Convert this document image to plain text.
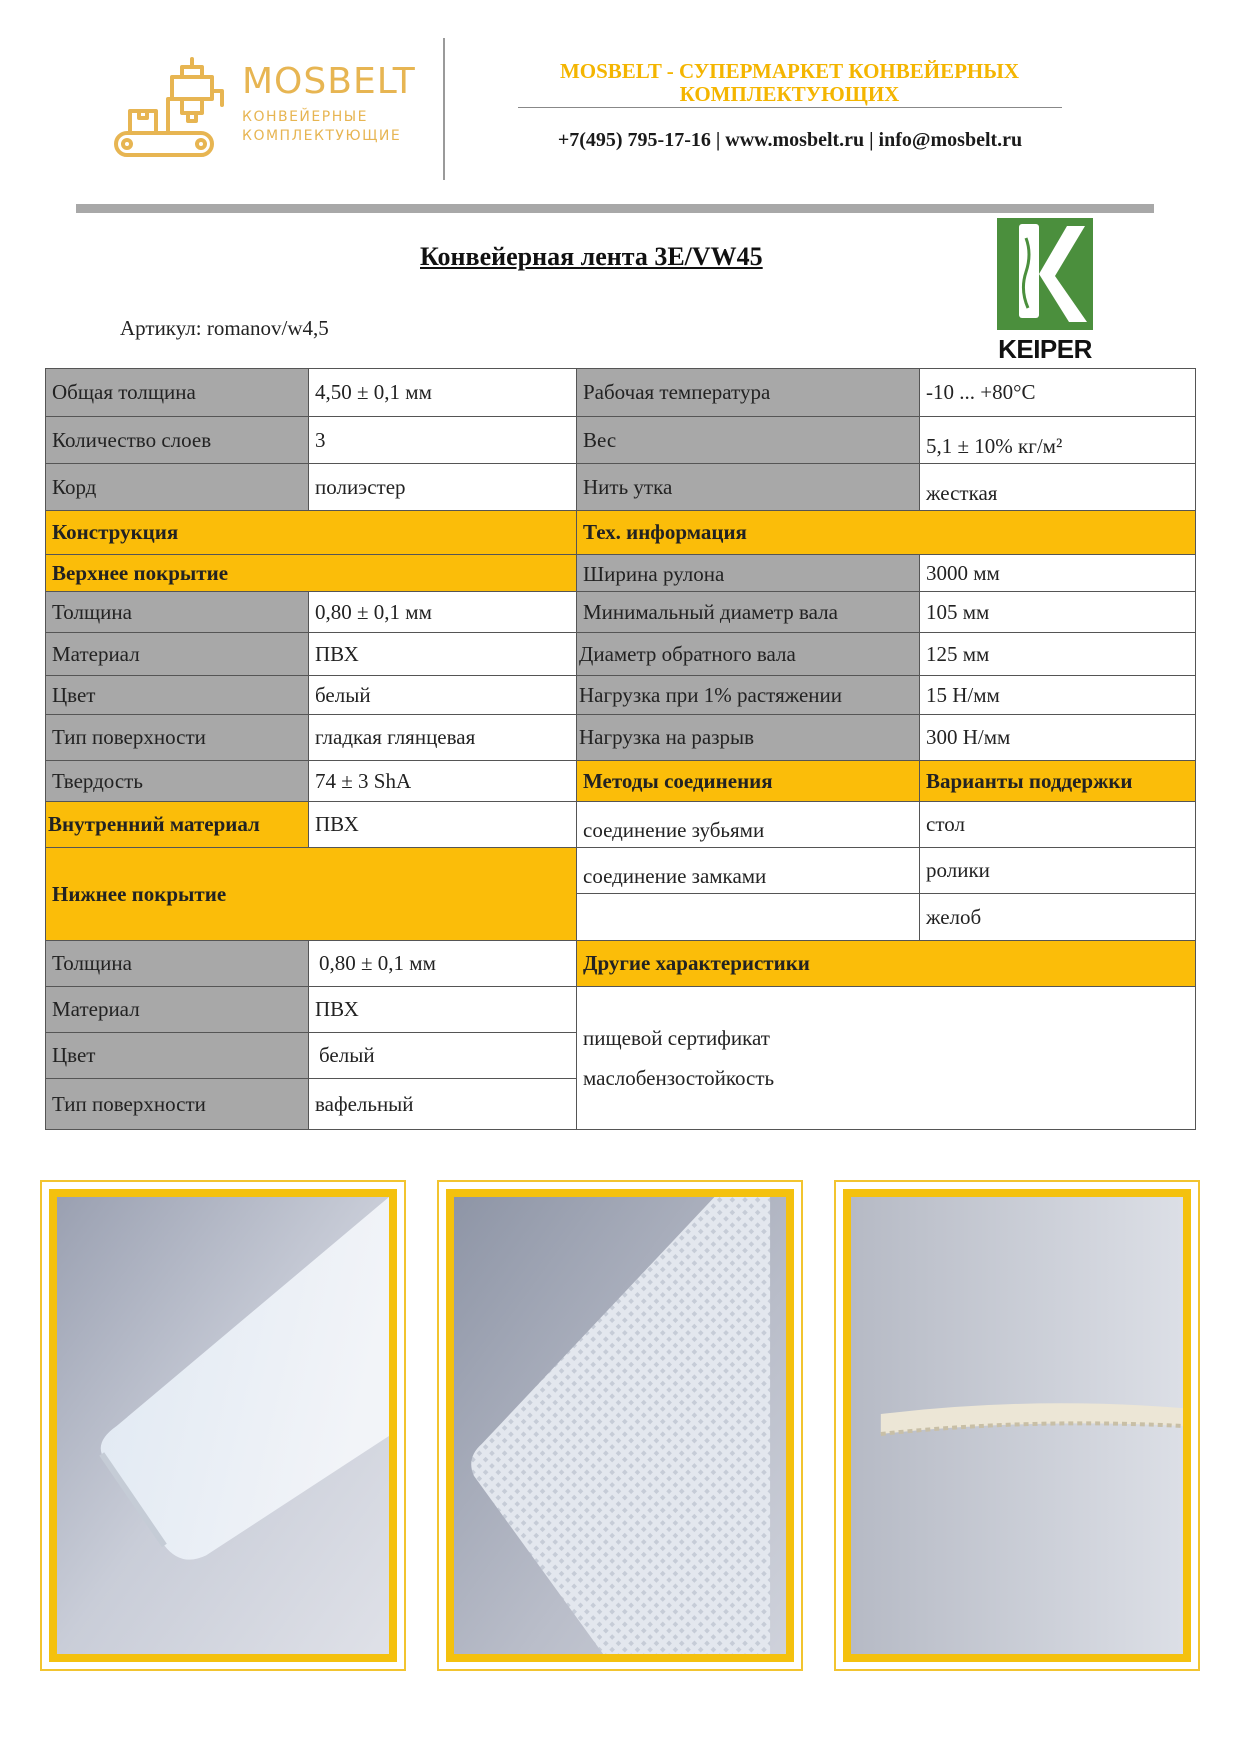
MOSBELT
КОНВЕЙЕРНЫЕ
КОМПЛЕКТУЮЩИЕ
MOSBELT - СУПЕРМАРКЕТ КОНВЕЙЕРНЫХ КОМПЛЕКТУЮЩИХ
+7(495) 795-17-16 | www.mosbelt.ru | info@mosbelt.ru
Конвейерная лента 3E/VW45
Артикул: romanov/w4,5
KEIPER
Общая толщина	4,50 ± 0,1 мм	Рабочая температура	-10 ... +80°C
Количество слоев	3	Вес	5,1 ± 10% кг/м²
Корд	полиэстер	Нить утка	жесткая
Конструкция	Тех. информация
Верхнее покрытие	Ширина рулона	3000 мм
Толщина	0,80 ± 0,1 мм	Минимальный диаметр вала	105 мм
Материал	ПВХ	Диаметр обратного вала	125 мм
Цвет	белый	Нагрузка при 1% растяжении	15 Н/мм
Тип поверхности	гладкая глянцевая	Нагрузка на разрыв	300 Н/мм
Твердость	74 ± 3 ShA	Методы соединения	Варианты поддержки
Внутренний материал	ПВХ	соединение зубьями	стол
Нижнее покрытие
соединение замками	ролики
желоб
Толщина	0,80 ± 0,1 мм	Другие характеристики
Материал	ПВХ
Цвет	белый
Тип поверхности	вафельный
пищевой сертификат
маслобензостойкость
